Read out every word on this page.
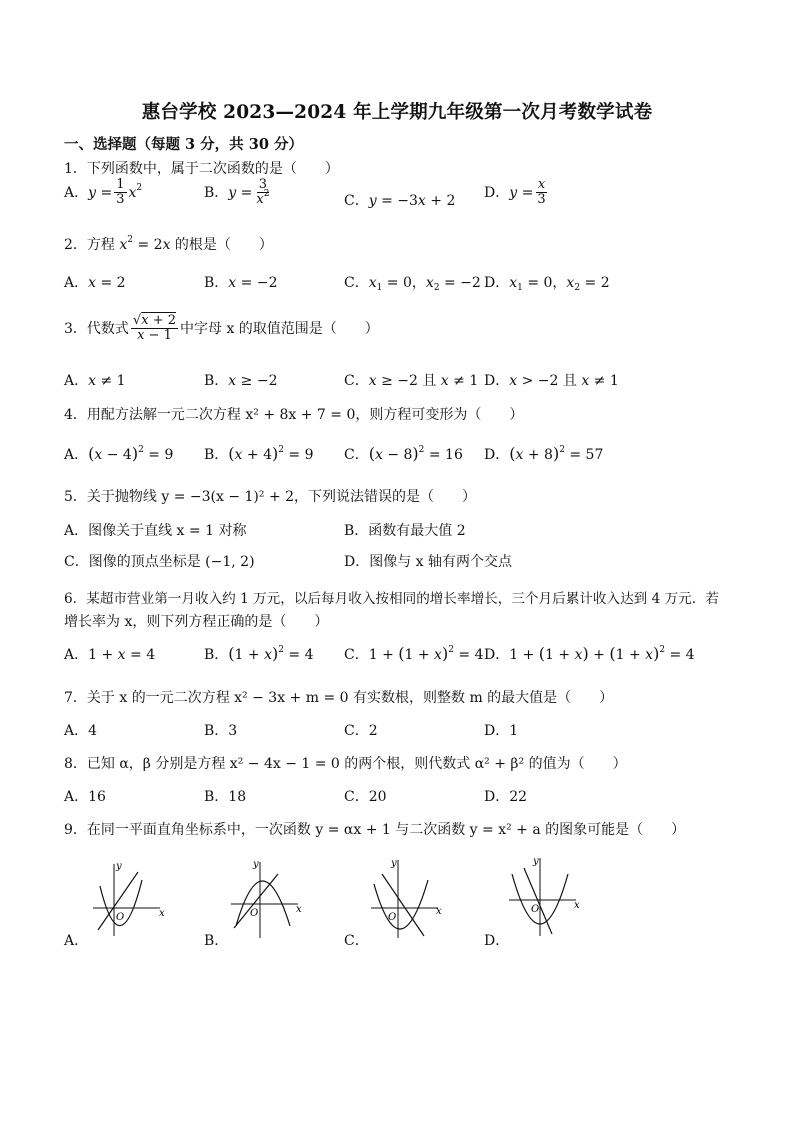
惠台学校 2023—2024 年上学期九年级第一次月考数学试卷
一、选择题（每题 3 分，共 30 分）
1．下列函数中，属于二次函数的是（　　）
A．$y = \frac{1}{3} x^2$	B．$y = \frac{3}{x^2}$	C．y = −3x + 2
D．$y = \frac{x}{3}$
2．方程 $x^2 = 2x$ 的根是（　　）
A．x = 2	B．x = −2	C．$x_1 = 0$，$x_2 = -2$ D．$x_1 = 0$，$x_2 = 2$
3．代数式 $\frac{√x + 2}{x - 1}$ 中字母 x 的取值范围是（　　）
A．x ≠ 1	B．x ≥ −2	C．x ≥ −2 且 x ≠ 1 D．x > −2 且 x ≠ 1
4．用配方法解一元二次方程 x² + 8x + 7 = 0，则方程可变形为（　　）
A．$(x - 4)^2 = 9$ B．$(x + 4)^2 = 9$ C．$(x - 8)^2 = 16$ D．$(x + 8)^2 = 57$
5．关于抛物线 y = −3(x − 1)² + 2，下列说法错误的是（　　）
A．图像关于直线 x = 1 对称	B．函数有最大值 2
C．图像的顶点坐标是 (−1, 2)	D．图像与 x 轴有两个交点
6．某超市营业第一月收入约 1 万元，以后每月收入按相同的增长率增长，三个月后累计收入达到 4 万元．若
增长率为 x，则下列方程正确的是（　　）
A．1 + x = 4	B．$(1 + x)^2 = 4$ C．$1 + (1 + x)^2 = 4$ D．$1 + (1 + x) + (1 + x)^2 = 4$
7．关于 x 的一元二次方程 x² − 3x + m = 0 有实数根，则整数 m 的最大值是（　　）
A．4	B．3	C．2	D．1
8．已知 α，β 分别是方程 x² − 4x − 1 = 0 的两个根，则代数式 α² + β² 的值为（　　）
A．16	B．18	C．20	D．22
9．在同一平面直角坐标系中，一次函数 y = αx + 1 与二次函数 y = x² + a 的图象可能是（　　）
A．	B．	C．	D．
x
y
O
x
y
O	x
y
O
x
y
O
